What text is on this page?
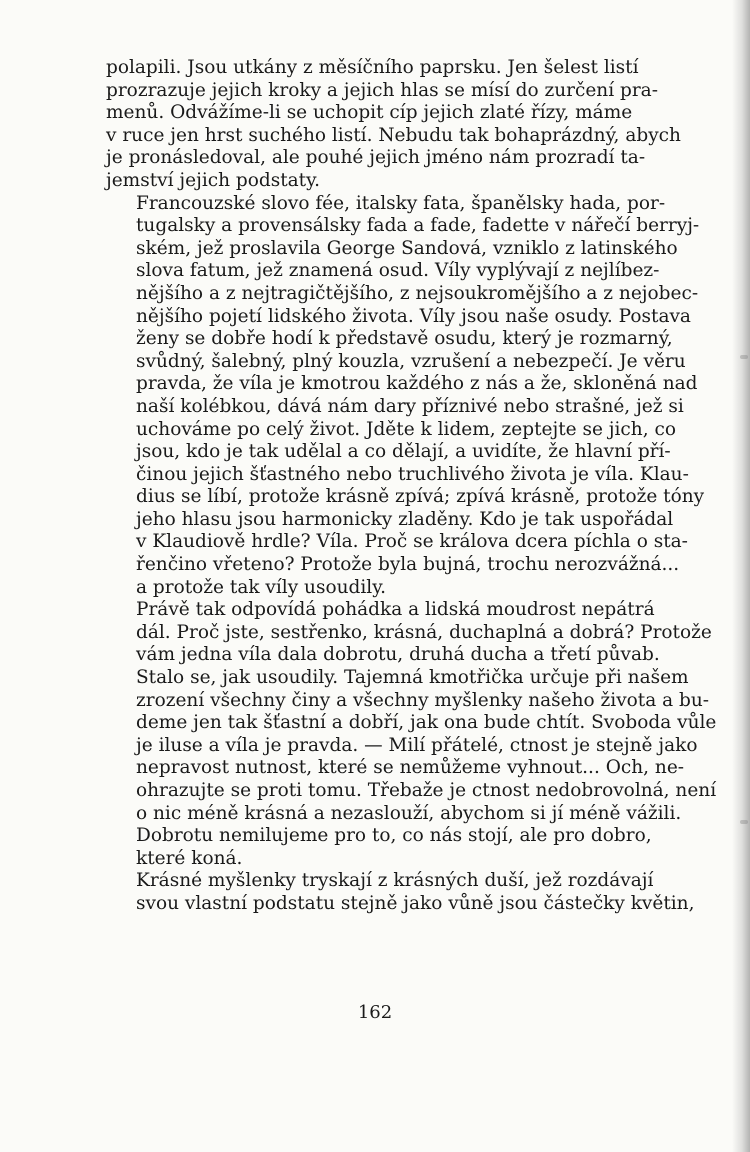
polapili. Jsou utkány z měsíčního paprsku. Jen šelest listí
prozrazuje jejich kroky a jejich hlas se mísí do zurčení pra-
menů. Odvážíme-li se uchopit cíp jejich zlaté řízy, máme
v ruce jen hrst suchého listí. Nebudu tak bohaprázdný, abych
je pronásledoval, ale pouhé jejich jméno nám prozradí ta-
jemství jejich podstaty.

Francouzské slovo fée, italsky fata, španělsky hada, por-
tugalsky a provensálsky fada a fade, fadette v nářečí berryj-
ském, jež proslavila George Sandová, vzniklo z latinského
slova fatum, jež znamená osud. Víly vyplývají z nejlíbez-
nějšího a z nejtragičtějšího, z nejsoukromějšího a z nejobec-
nějšího pojetí lidského života. Víly jsou naše osudy. Postava
ženy se dobře hodí k představě osudu, který je rozmarný,
svůdný, šalebný, plný kouzla, vzrušení a nebezpečí. Je věru
pravda, že víla je kmotrou každého z nás a že, skloněná nad
naší kolébkou, dává nám dary příznivé nebo strašné, jež si
uchováme po celý život. Jděte k lidem, zeptejte se jich, co
jsou, kdo je tak udělal a co dělají, a uvidíte, že hlavní pří-
činou jejich šťastného nebo truchlivého života je víla. Klau-
dius se líbí, protože krásně zpívá; zpívá krásně, protože tóny
jeho hlasu jsou harmonicky zladěny. Kdo je tak uspořádal
v Klaudiově hrdle? Víla. Proč se králova dcera píchla o sta-
řenčino vřeteno? Protože byla bujná, trochu nerozvážná...
a protože tak víly usoudily.

Právě tak odpovídá pohádka a lidská moudrost nepátrá
dál. Proč jste, sestřenko, krásná, duchaplná a dobrá? Protože
vám jedna víla dala dobrotu, druhá ducha a třetí půvab.
Stalo se, jak usoudily. Tajemná kmotřička určuje při našem
zrození všechny činy a všechny myšlenky našeho života a bu-
deme jen tak šťastní a dobří, jak ona bude chtít. Svoboda vůle
je iluse a víla je pravda. — Milí přátelé, ctnost je stejně jako
nepravost nutnost, které se nemůžeme vyhnout... Och, ne-
ohrazujte se proti tomu. Třebaže je ctnost nedobrovolná, není
o nic méně krásná a nezaslouží, abychom si jí méně vážili.

Dobrotu nemilujeme pro to, co nás stojí, ale pro dobro,
které koná.

Krásné myšlenky tryskají z krásných duší, jež rozdávají
svou vlastní podstatu stejně jako vůně jsou částečky květin,

162
